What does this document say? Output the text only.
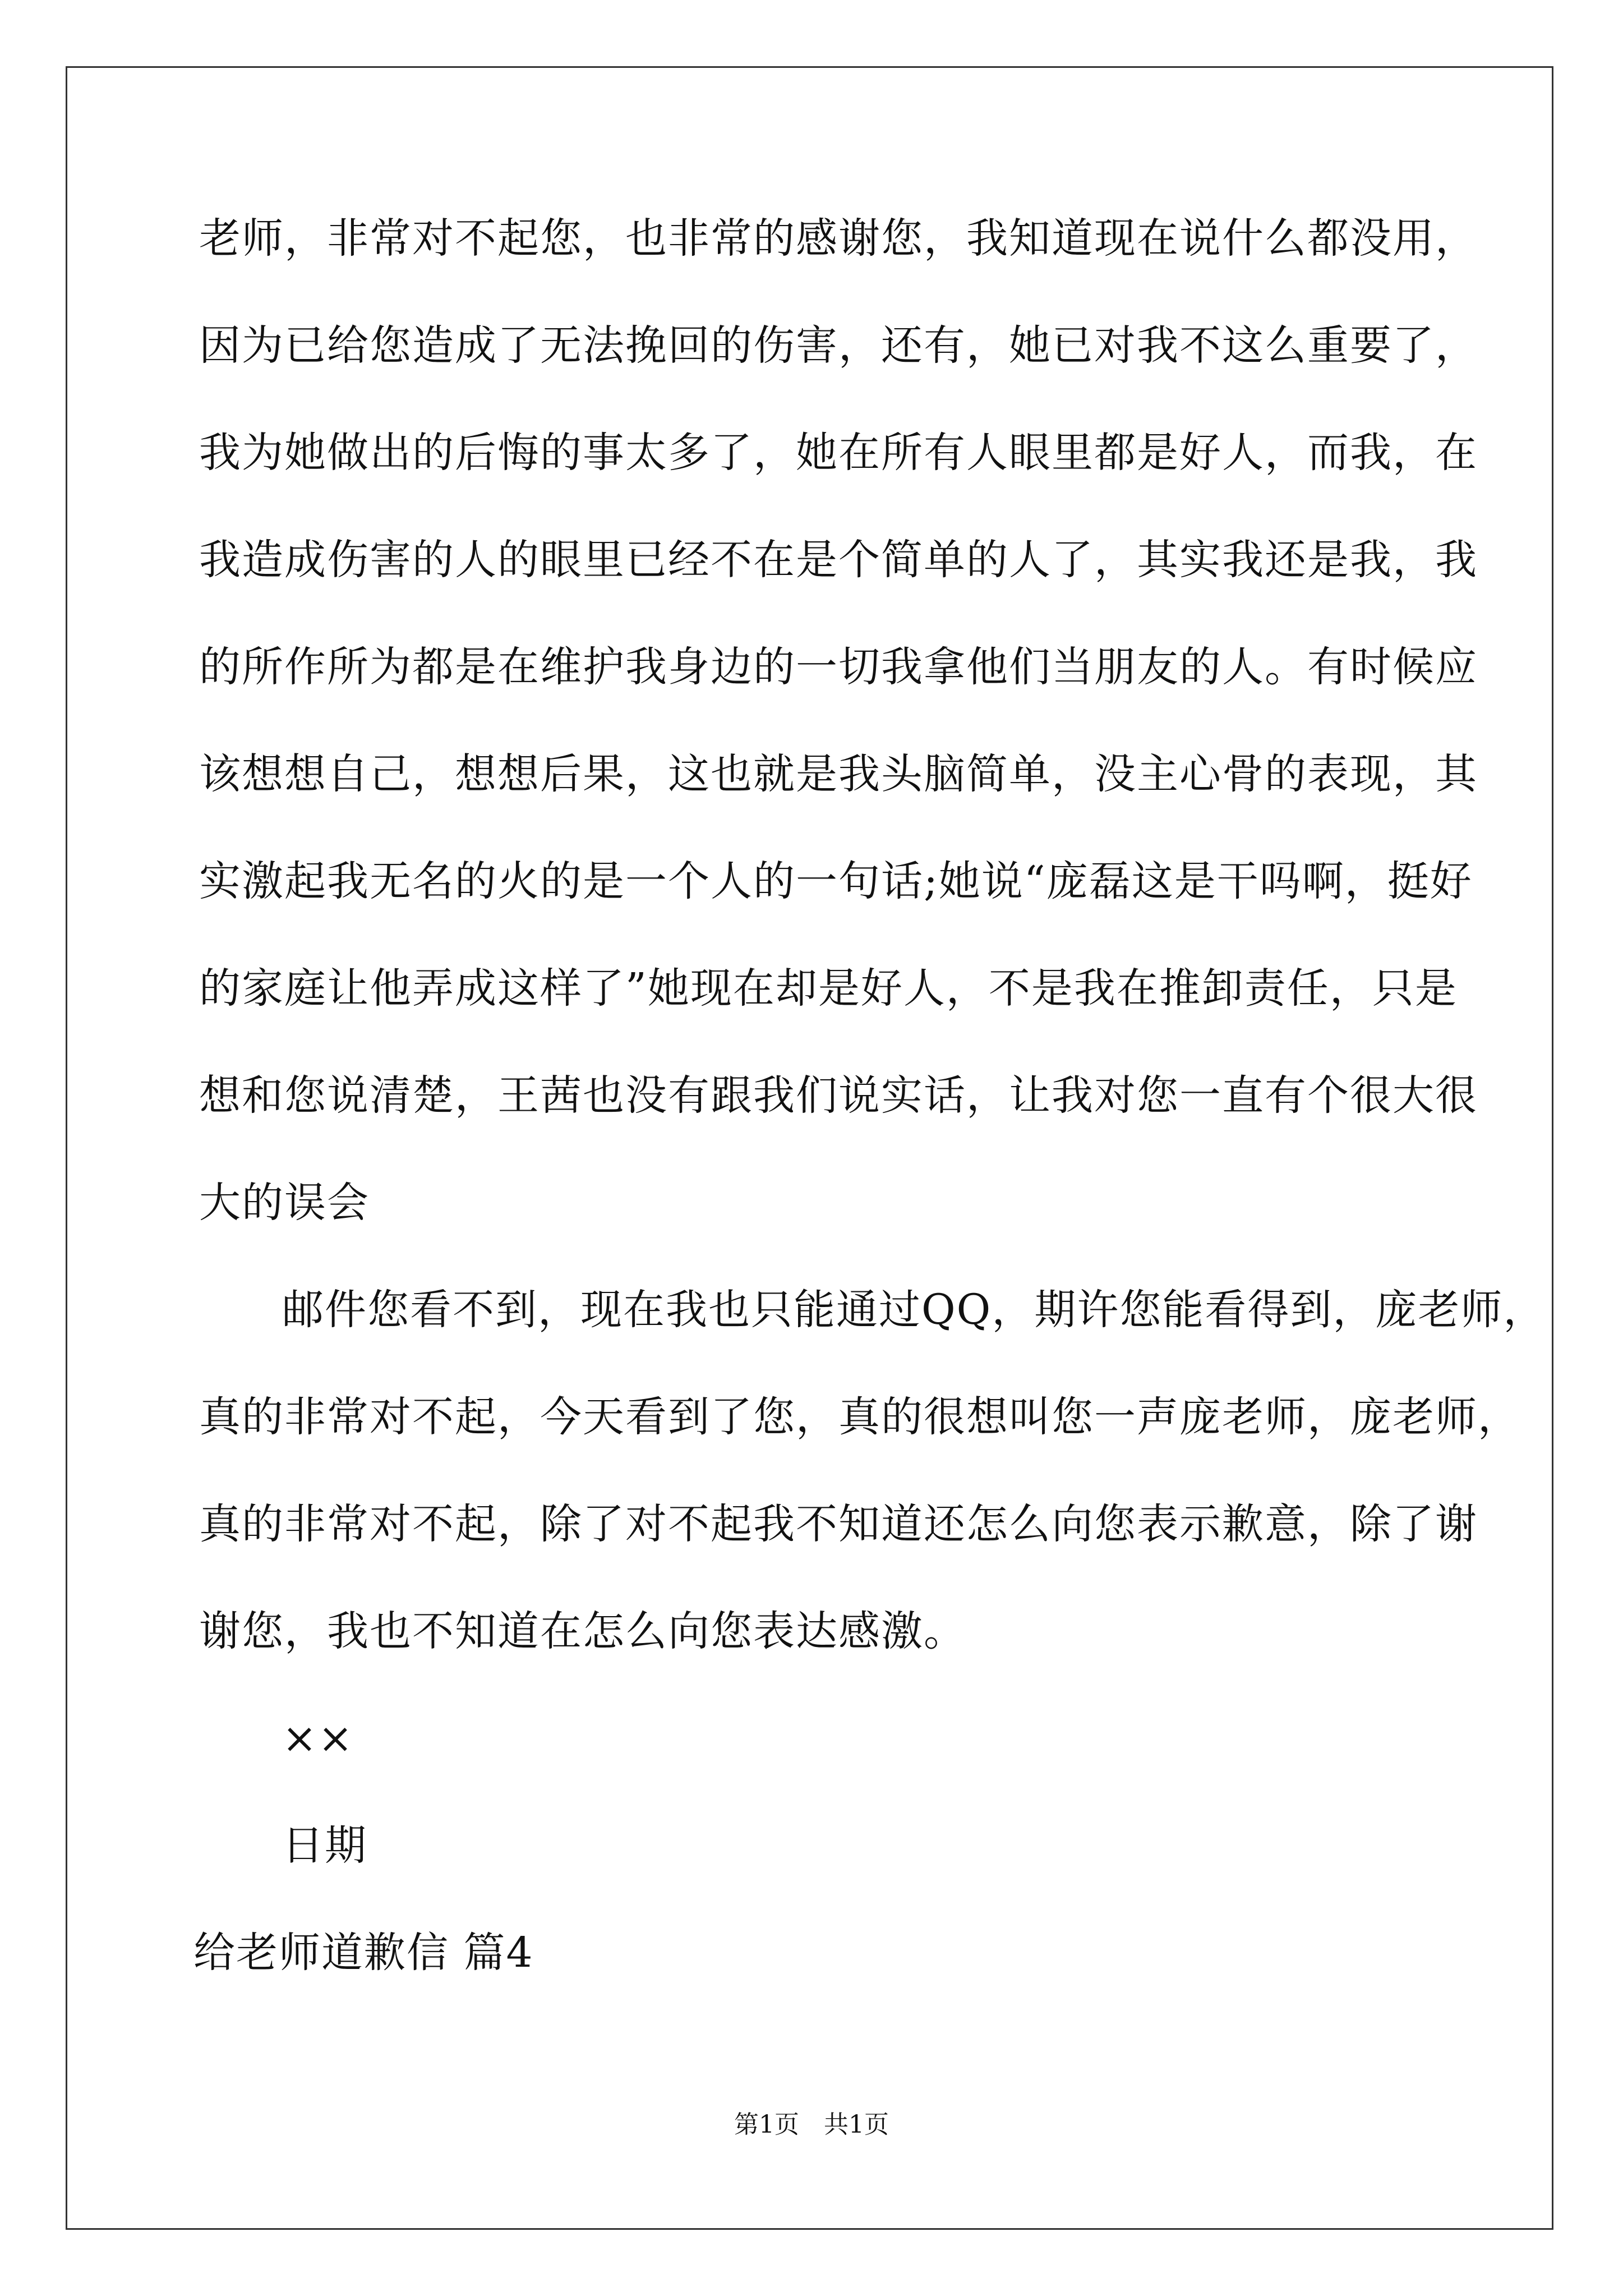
老师，非常对不起您，也非常的感谢您，我知道现在说什么都没用，
因为已给您造成了无法挽回的伤害，还有，她已对我不这么重要了，
我为她做出的后悔的事太多了，她在所有人眼里都是好人，而我，在
我造成伤害的人的眼里已经不在是个简单的人了，其实我还是我，我
的所作所为都是在维护我身边的一切我拿他们当朋友的人。有时候应
该想想自己，想想后果，这也就是我头脑简单，没主心骨的表现，其
实激起我无名的火的是一个人的一句话;她说“庞磊这是干吗啊，挺好
的家庭让他弄成这样了”她现在却是好人，不是我在推卸责任，只是
想和您说清楚，王茜也没有跟我们说实话，让我对您一直有个很大很
大的误会
邮件您看不到，现在我也只能通过QQ，期许您能看得到，庞老师，
真的非常对不起，今天看到了您，真的很想叫您一声庞老师，庞老师，
真的非常对不起，除了对不起我不知道还怎么向您表示歉意，除了谢
谢您，我也不知道在怎么向您表达感激。
××
日期
给老师道歉信 篇4
第1页　共1页
